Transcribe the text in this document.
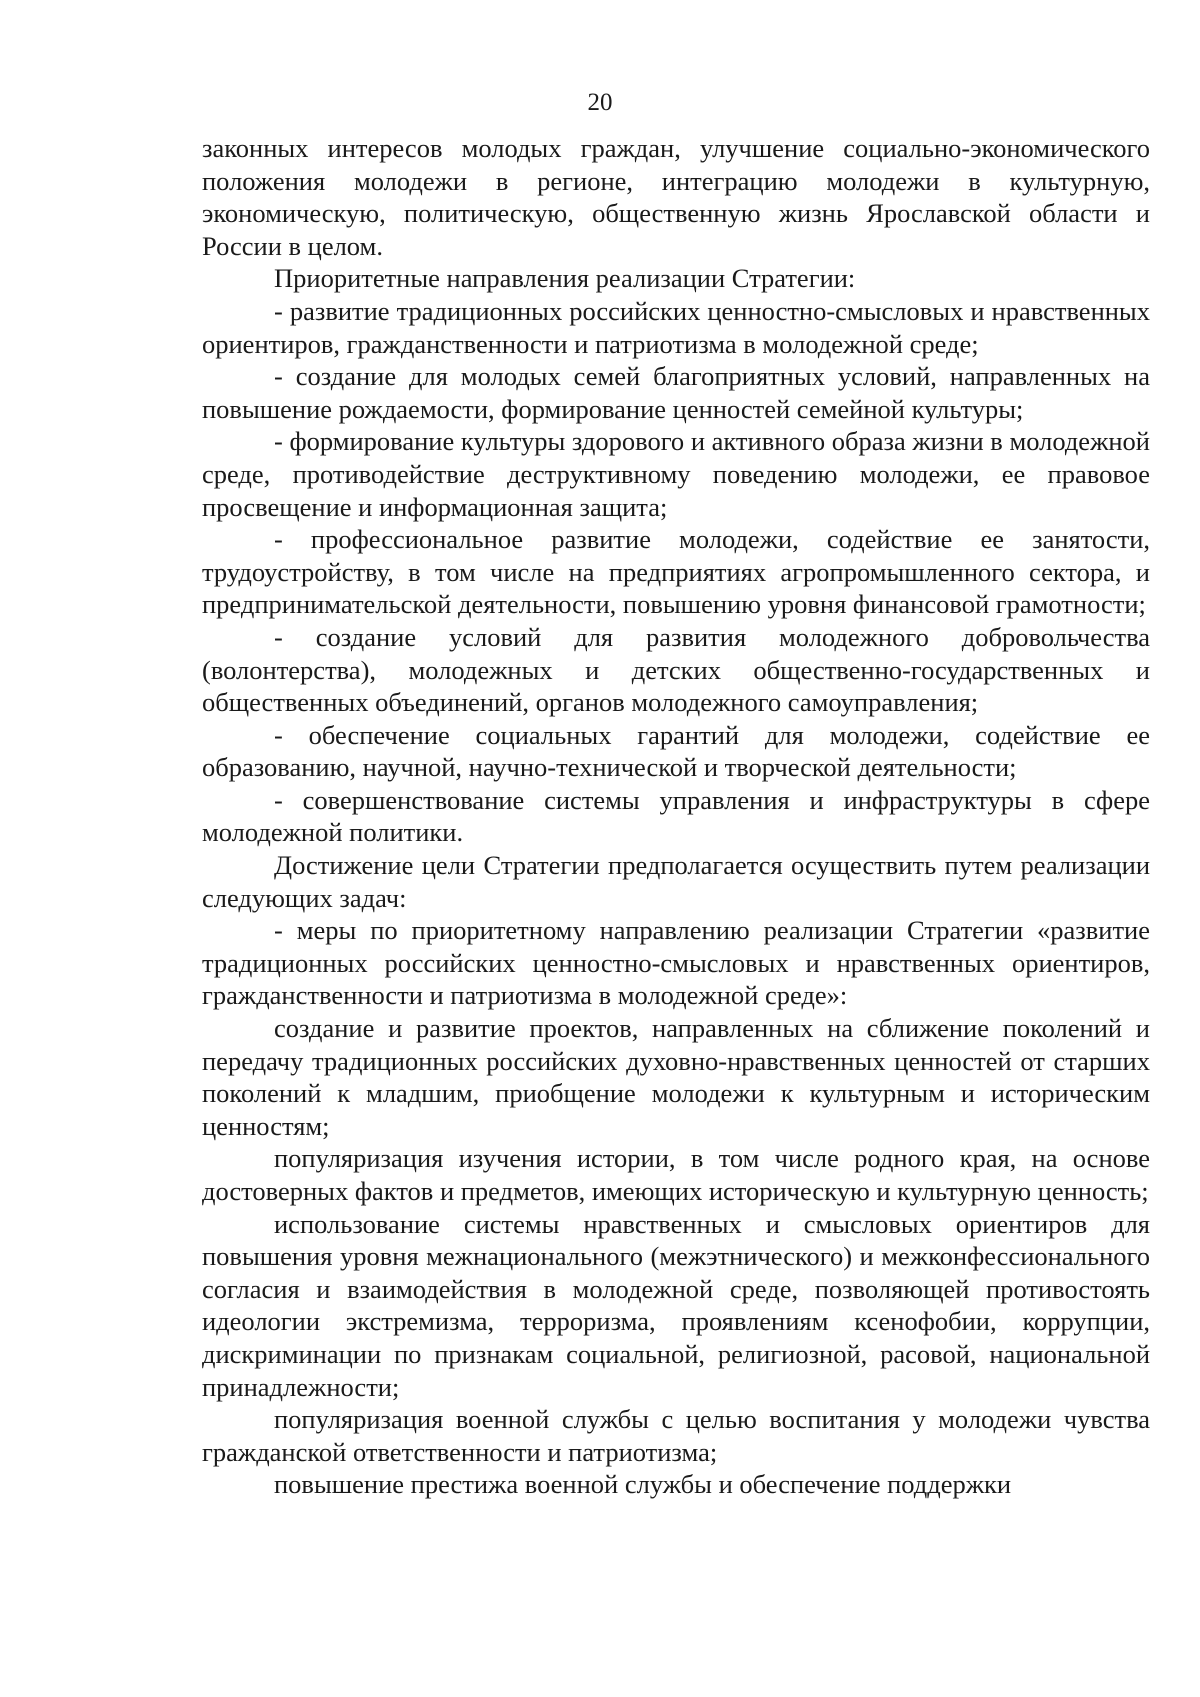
20

законных интересов молодых граждан, улучшение социально-экономического положения молодежи в регионе, интеграцию молодежи в культурную, экономическую, политическую, общественную жизнь Ярославской области и России в целом.

Приоритетные направления реализации Стратегии:

- развитие традиционных российских ценностно-смысловых и нравственных ориентиров, гражданственности и патриотизма в молодежной среде;

- создание для молодых семей благоприятных условий, направленных на повышение рождаемости, формирование ценностей семейной культуры;

- формирование культуры здорового и активного образа жизни в молодежной среде, противодействие деструктивному поведению молодежи, ее правовое просвещение и информационная защита;

- профессиональное развитие молодежи, содействие ее занятости, трудоустройству, в том числе на предприятиях агропромышленного сектора, и предпринимательской деятельности, повышению уровня финансовой грамотности;

- создание условий для развития молодежного добровольчества (волонтерства), молодежных и детских общественно-государственных и общественных объединений, органов молодежного самоуправления;

- обеспечение социальных гарантий для молодежи, содействие ее образованию, научной, научно-технической и творческой деятельности;

- совершенствование системы управления и инфраструктуры в сфере молодежной политики.

Достижение цели Стратегии предполагается осуществить путем реализации следующих задач:

- меры по приоритетному направлению реализации Стратегии «развитие традиционных российских ценностно-смысловых и нравственных ориентиров, гражданственности и патриотизма в молодежной среде»:

создание и развитие проектов, направленных на сближение поколений и передачу традиционных российских духовно-нравственных ценностей от старших поколений к младшим, приобщение молодежи к культурным и историческим ценностям;

популяризация изучения истории, в том числе родного края, на основе достоверных фактов и предметов, имеющих историческую и культурную ценность;

использование системы нравственных и смысловых ориентиров для повышения уровня межнационального (межэтнического) и межконфессионального согласия и взаимодействия в молодежной среде, позволяющей противостоять идеологии экстремизма, терроризма, проявлениям ксенофобии, коррупции, дискриминации по признакам социальной, религиозной, расовой, национальной принадлежности;

популяризация военной службы с целью воспитания у молодежи чувства гражданской ответственности и патриотизма;

повышение престижа военной службы и обеспечение поддержки
